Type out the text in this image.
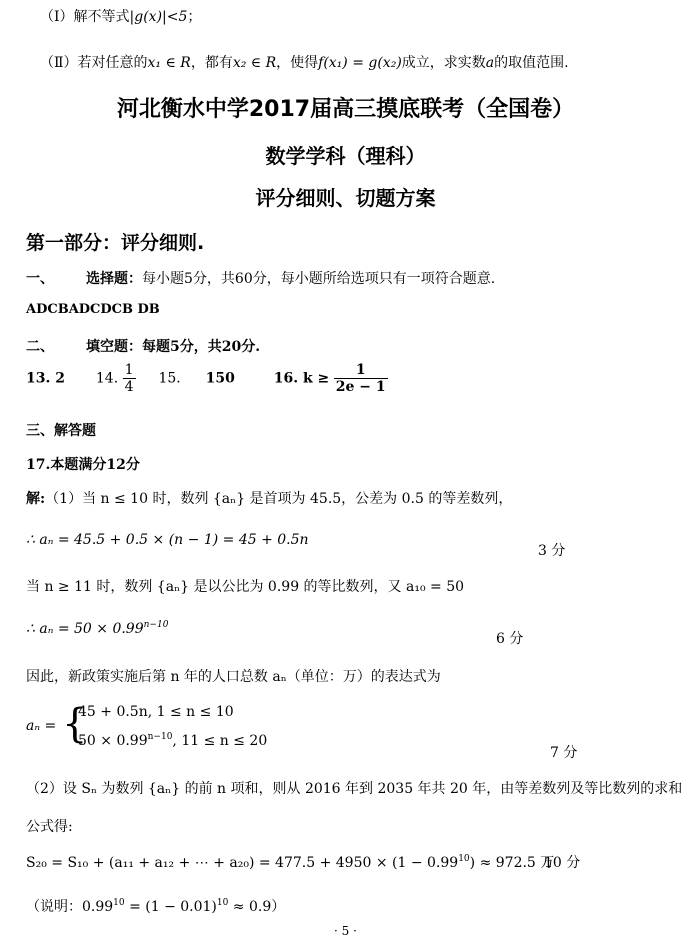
（Ⅰ）解不等式|g(x)|<5；
（Ⅱ）若对任意的x₁ ∈ R，都有x₂ ∈ R，使得f(x₁) = g(x₂)成立，求实数a的取值范围.
河北衡水中学2017届高三摸底联考（全国卷）
数学学科（理科）
评分细则、切题方案
第一部分：评分细则.
一、 选择题：每小题5分，共60分，每小题所给选项只有一项符合题意.
ADCBADCDCB DB
二、 填空题：每题5分，共20分.
13. 2 14. $\frac{1}{4} 15$. 150	16. $k \ge \frac{1}{2e - 1}$
三、解答题
17.本题满分12分
解:（1）当 n ≤ 10 时，数列 {aₙ} 是首项为 45.5，公差为 0.5 的等差数列，
∴ aₙ = 45.5 + 0.5 × (n − 1) = 45 + 0.5n
3 分
当 n ≥ 11 时，数列 {aₙ} 是以公比为 0.99 的等比数列，又 a₁₀ = 50
∴ $a_n = 50 \times 0.99^{n-10}$
6 分
因此，新政策实施后第 n 年的人口总数 aₙ（单位：万）的表达式为
aₙ = {
45 + 0.5n, 1 ≤ n ≤ 10
$50 \times 0.99^{n-10}$, 11 ≤ n ≤ 20
7 分
（2）设 Sₙ 为数列 {aₙ} 的前 n 项和，则从 2016 年到 2035 年共 20 年，由等差数列及等比数列的求和
公式得:
S₂₀ = S₁₀ + (a₁₁ + a₁₂ + ⋯ + $a_{20}) = 477.5 + 4950 \times (1 - 0.99^{10}) \approx 972.5$ 万
10 分
（说明：$0.99^{10} = (1 - 0.01)^{10} \approx 0.9$）
· 5 ·
